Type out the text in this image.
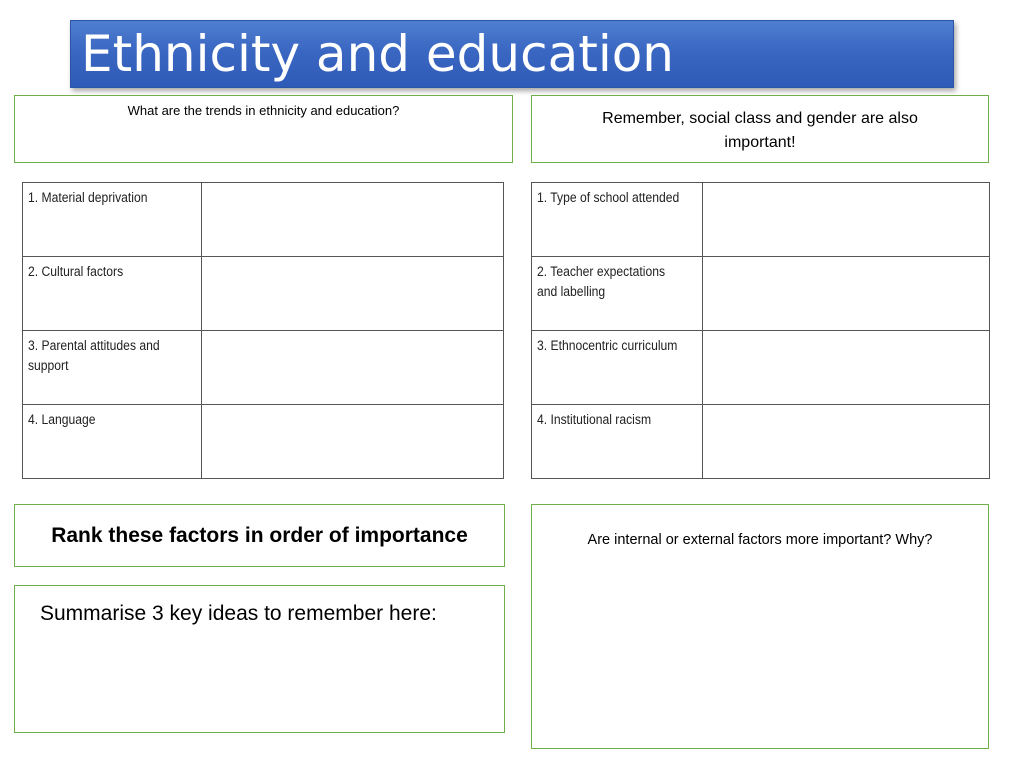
Ethnicity and education
What are the trends in ethnicity and education?	Remember, social class and gender are also important!
1. Material deprivation	
2. Cultural factors	
3. Parental attitudes and support	
4. Language	
1. Type of school attended	
2. Teacher expectations and labelling	
3. Ethnocentric curriculum	
4. Institutional racism	
Rank these factors in order of importance
Summarise 3 key ideas to remember here:
Are internal or external factors more important? Why?
